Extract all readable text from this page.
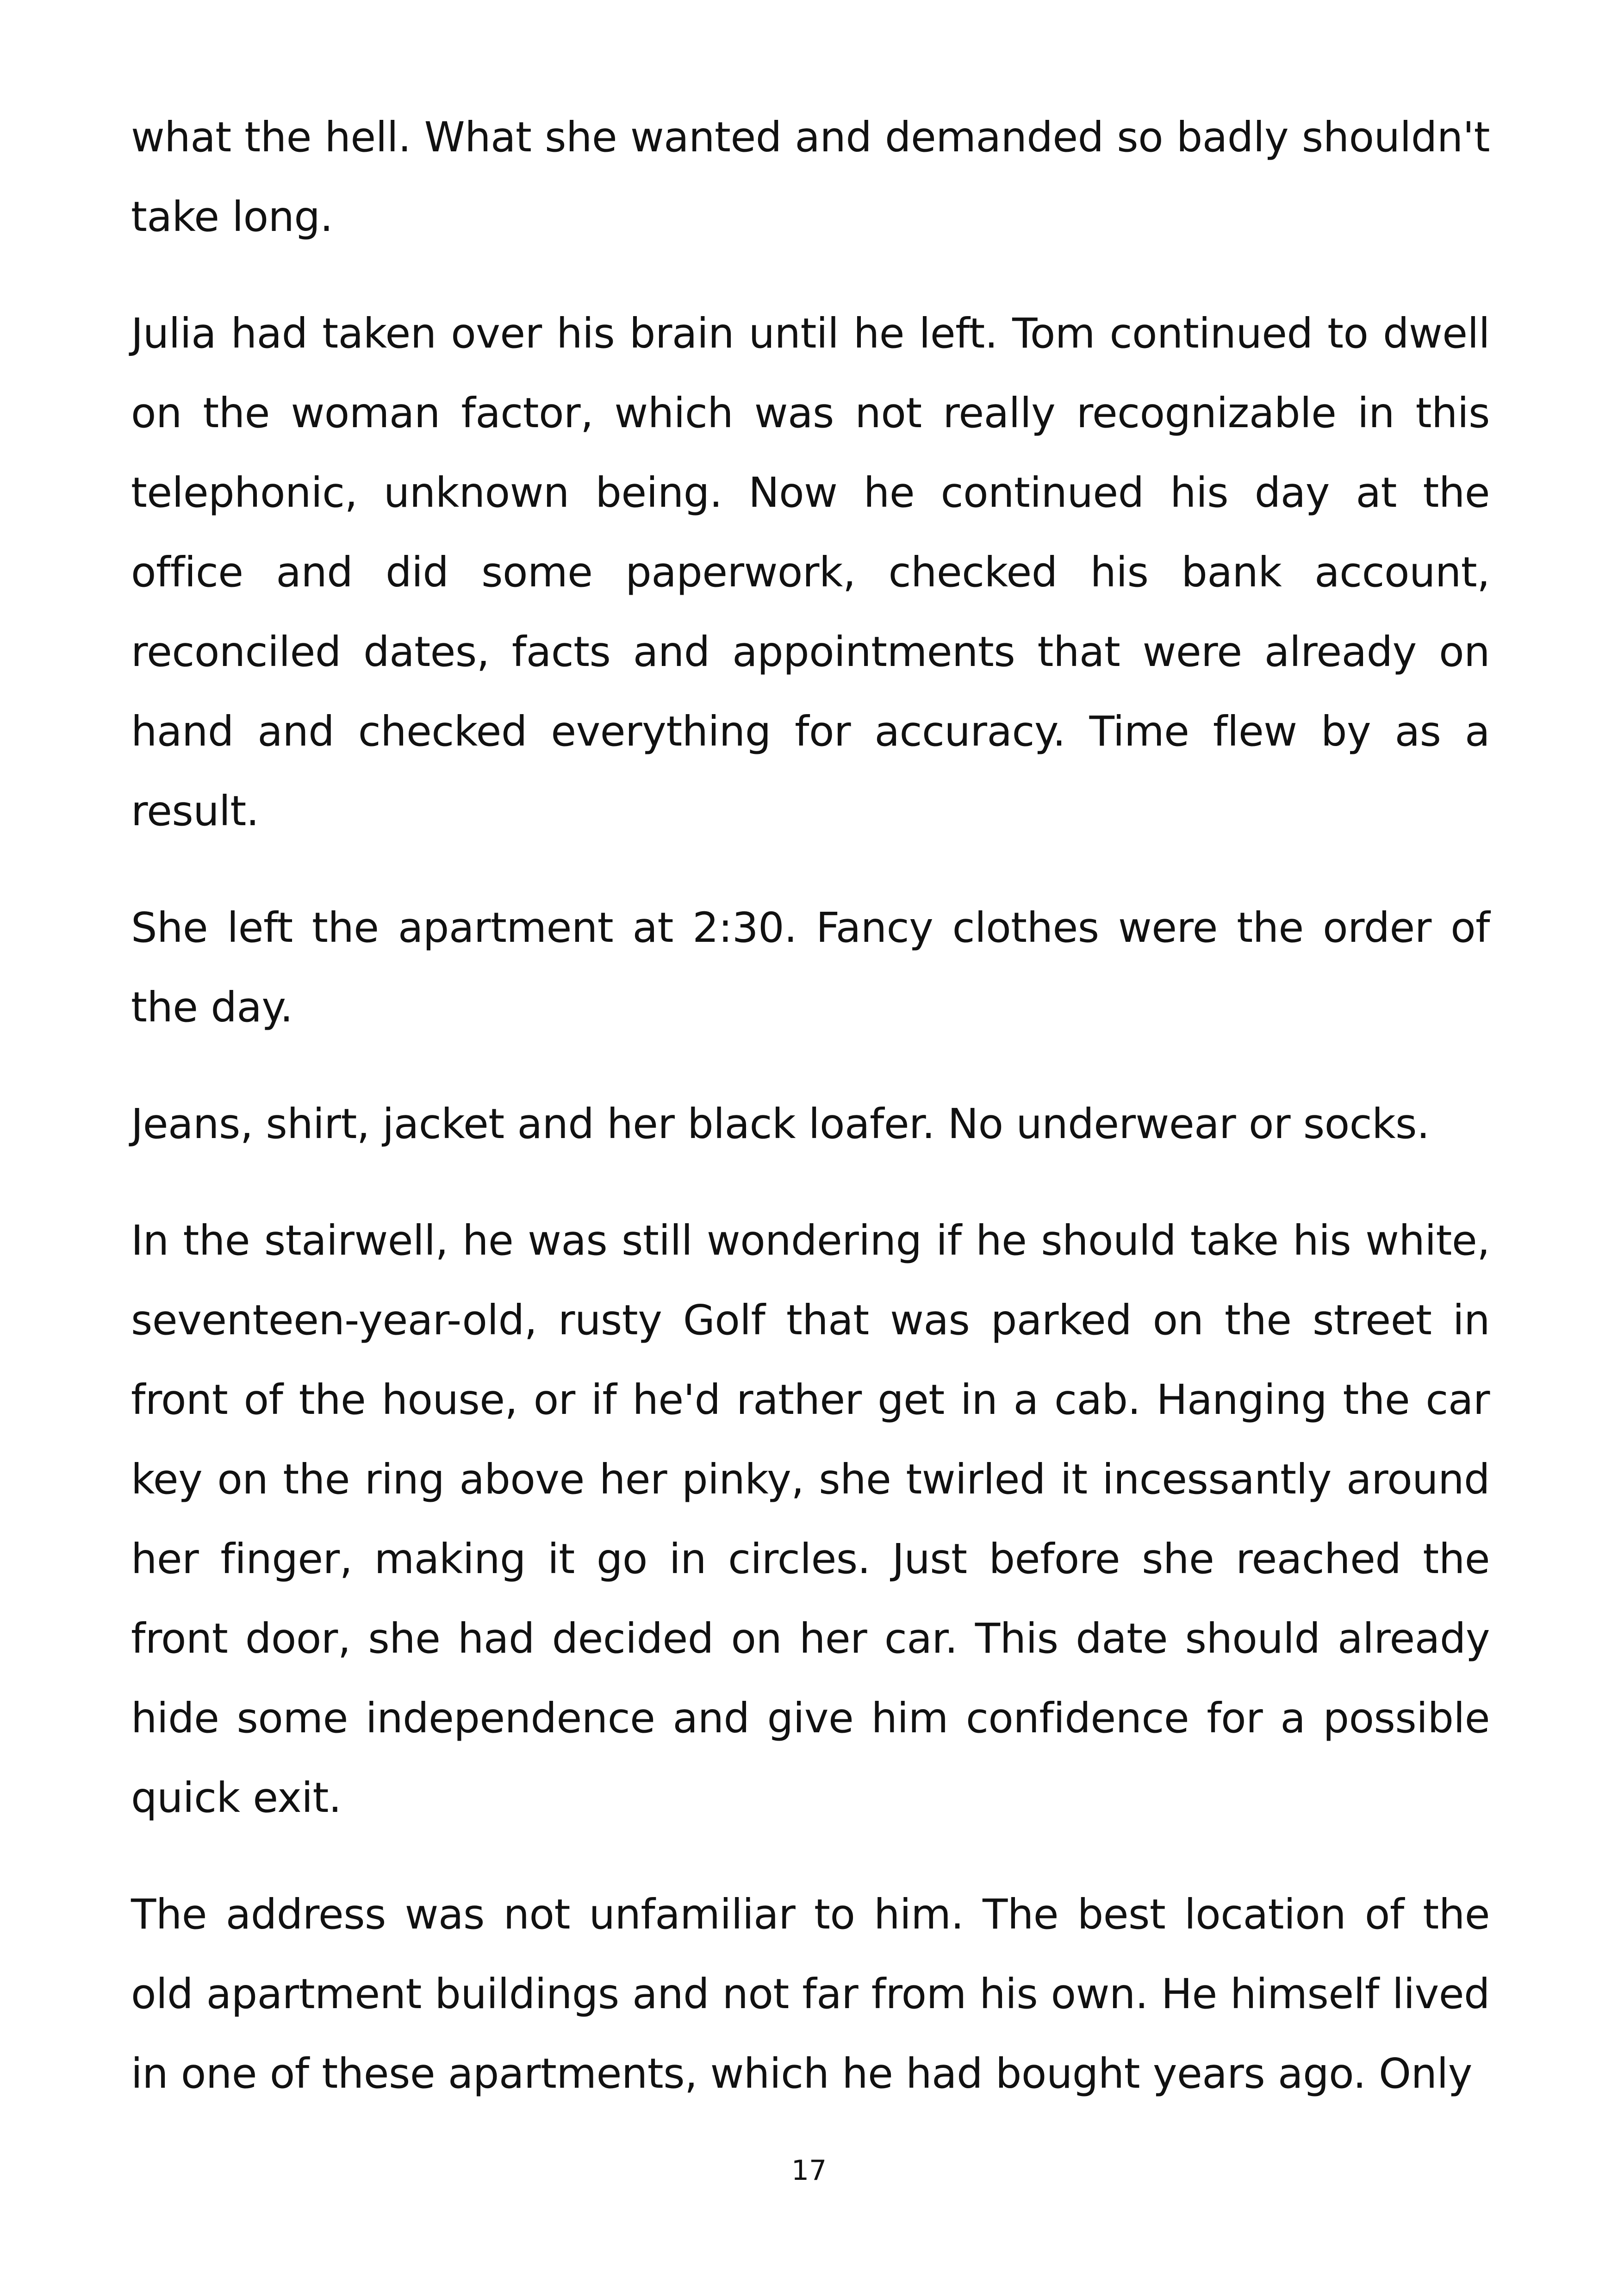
what the hell. What she wanted and demanded so badly shouldn't take long.

Julia had taken over his brain until he left. Tom continued to dwell on the woman factor, which was not really recognizable in this telephonic, unknown being. Now he continued his day at the office and did some paperwork, checked his bank account, reconciled dates, facts and appointments that were already on hand and checked everything for accuracy. Time flew by as a result.

She left the apartment at 2:30. Fancy clothes were the order of the day.

Jeans, shirt, jacket and her black loafer. No underwear or socks.

In the stairwell, he was still wondering if he should take his white, seventeen-year-old, rusty Golf that was parked on the street in front of the house, or if he'd rather get in a cab. Hanging the car key on the ring above her pinky, she twirled it incessantly around her finger, making it go in circles. Just before she reached the front door, she had decided on her car. This date should already hide some independence and give him confidence for a possible quick exit.

The address was not unfamiliar to him. The best location of the old apartment buildings and not far from his own. He himself lived in one of these apartments, which he had bought years ago. Only

17
